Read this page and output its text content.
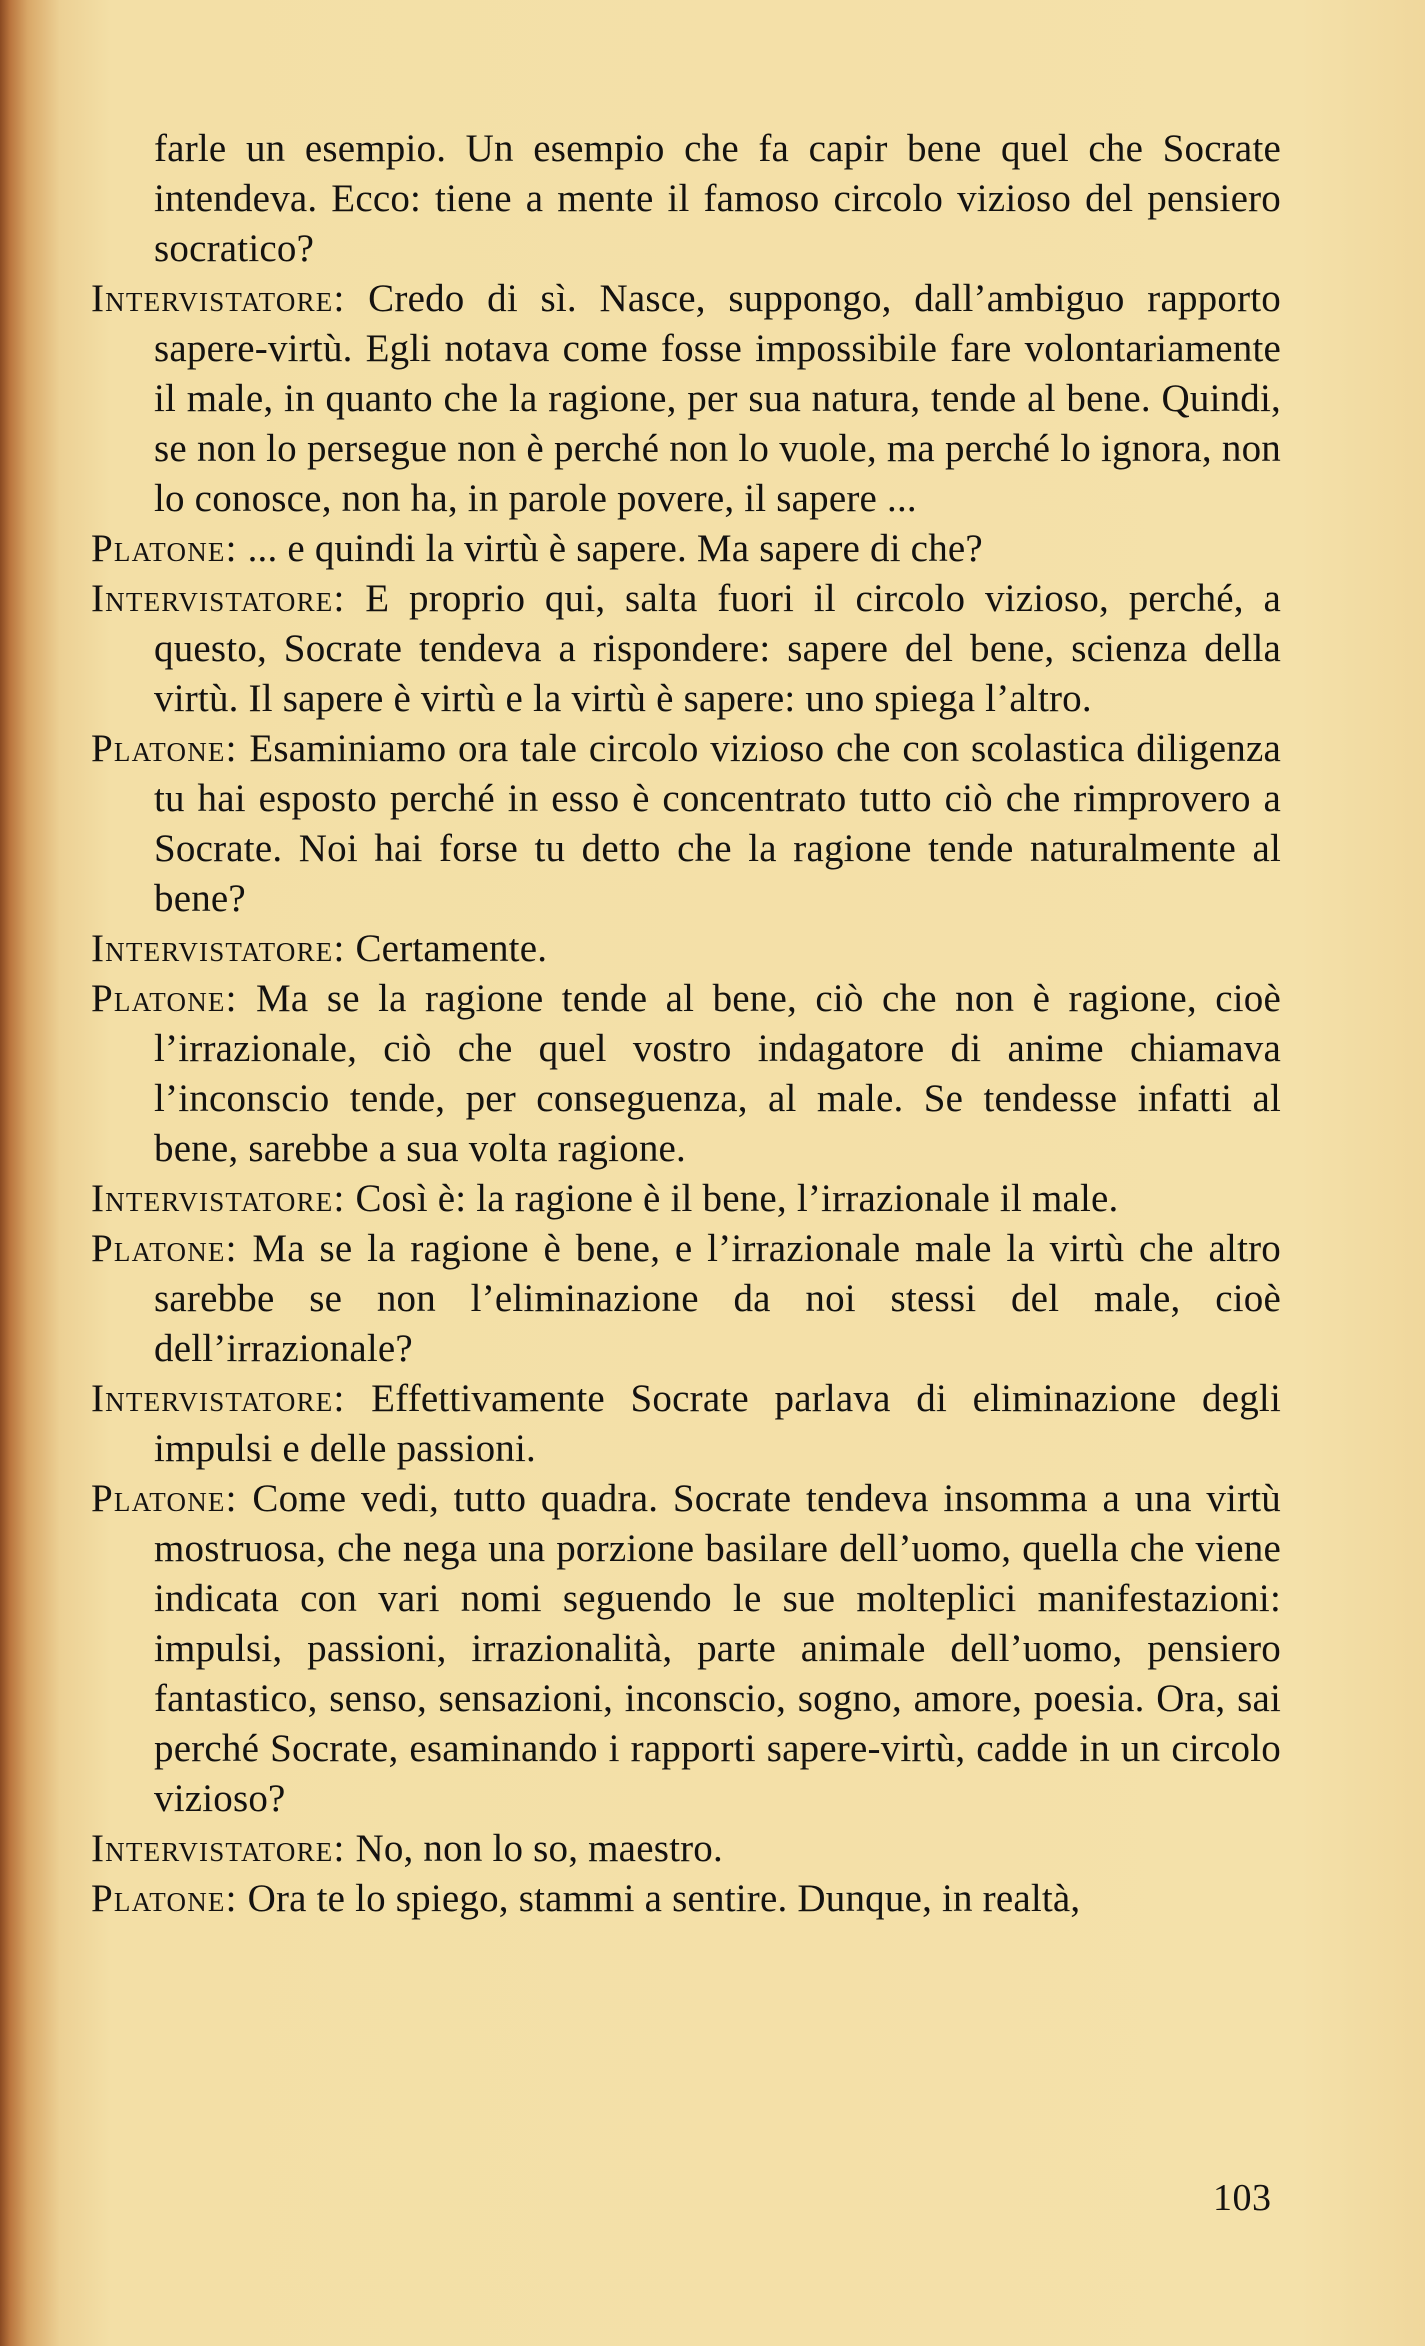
farle un esempio. Un esempio che fa capir bene quel che Socrate intendeva. Ecco: tiene a mente il famoso circolo vizioso del pensiero socratico?

Intervistatore: Credo di sì. Nasce, suppongo, dall’ambiguo rapporto sapere-virtù. Egli notava come fosse impossibile fare volontariamente il male, in quanto che la ragione, per sua natura, tende al bene. Quindi, se non lo persegue non è perché non lo vuole, ma perché lo ignora, non lo conosce, non ha, in parole povere, il sapere ...

Platone: ... e quindi la virtù è sapere. Ma sapere di che?

Intervistatore: E proprio qui, salta fuori il circolo vizioso, perché, a questo, Socrate tendeva a rispondere: sapere del bene, scienza della virtù. Il sapere è virtù e la virtù è sapere: uno spiega l’altro.

Platone: Esaminiamo ora tale circolo vizioso che con scolastica diligenza tu hai esposto perché in esso è concentrato tutto ciò che rimprovero a Socrate. Noi hai forse tu detto che la ragione tende naturalmente al bene?

Intervistatore: Certamente.

Platone: Ma se la ragione tende al bene, ciò che non è ragione, cioè l’irrazionale, ciò che quel vostro indagatore di anime chiamava l’inconscio tende, per conseguenza, al male. Se tendesse infatti al bene, sarebbe a sua volta ragione.

Intervistatore: Così è: la ragione è il bene, l’irrazionale il male.

Platone: Ma se la ragione è bene, e l’irrazionale male la virtù che altro sarebbe se non l’eliminazione da noi stessi del male, cioè dell’irrazionale?

Intervistatore: Effettivamente Socrate parlava di eliminazione degli impulsi e delle passioni.

Platone: Come vedi, tutto quadra. Socrate tendeva insomma a una virtù mostruosa, che nega una porzione basilare dell’uomo, quella che viene indicata con vari nomi seguendo le sue molteplici manifestazioni: impulsi, passioni, irrazionalità, parte animale dell’uomo, pensiero fantastico, senso, sensazioni, inconscio, sogno, amore, poesia. Ora, sai perché Socrate, esaminando i rapporti sapere-virtù, cadde in un circolo vizioso?

Intervistatore: No, non lo so, maestro.

Platone: Ora te lo spiego, stammi a sentire. Dunque, in realtà,

103
